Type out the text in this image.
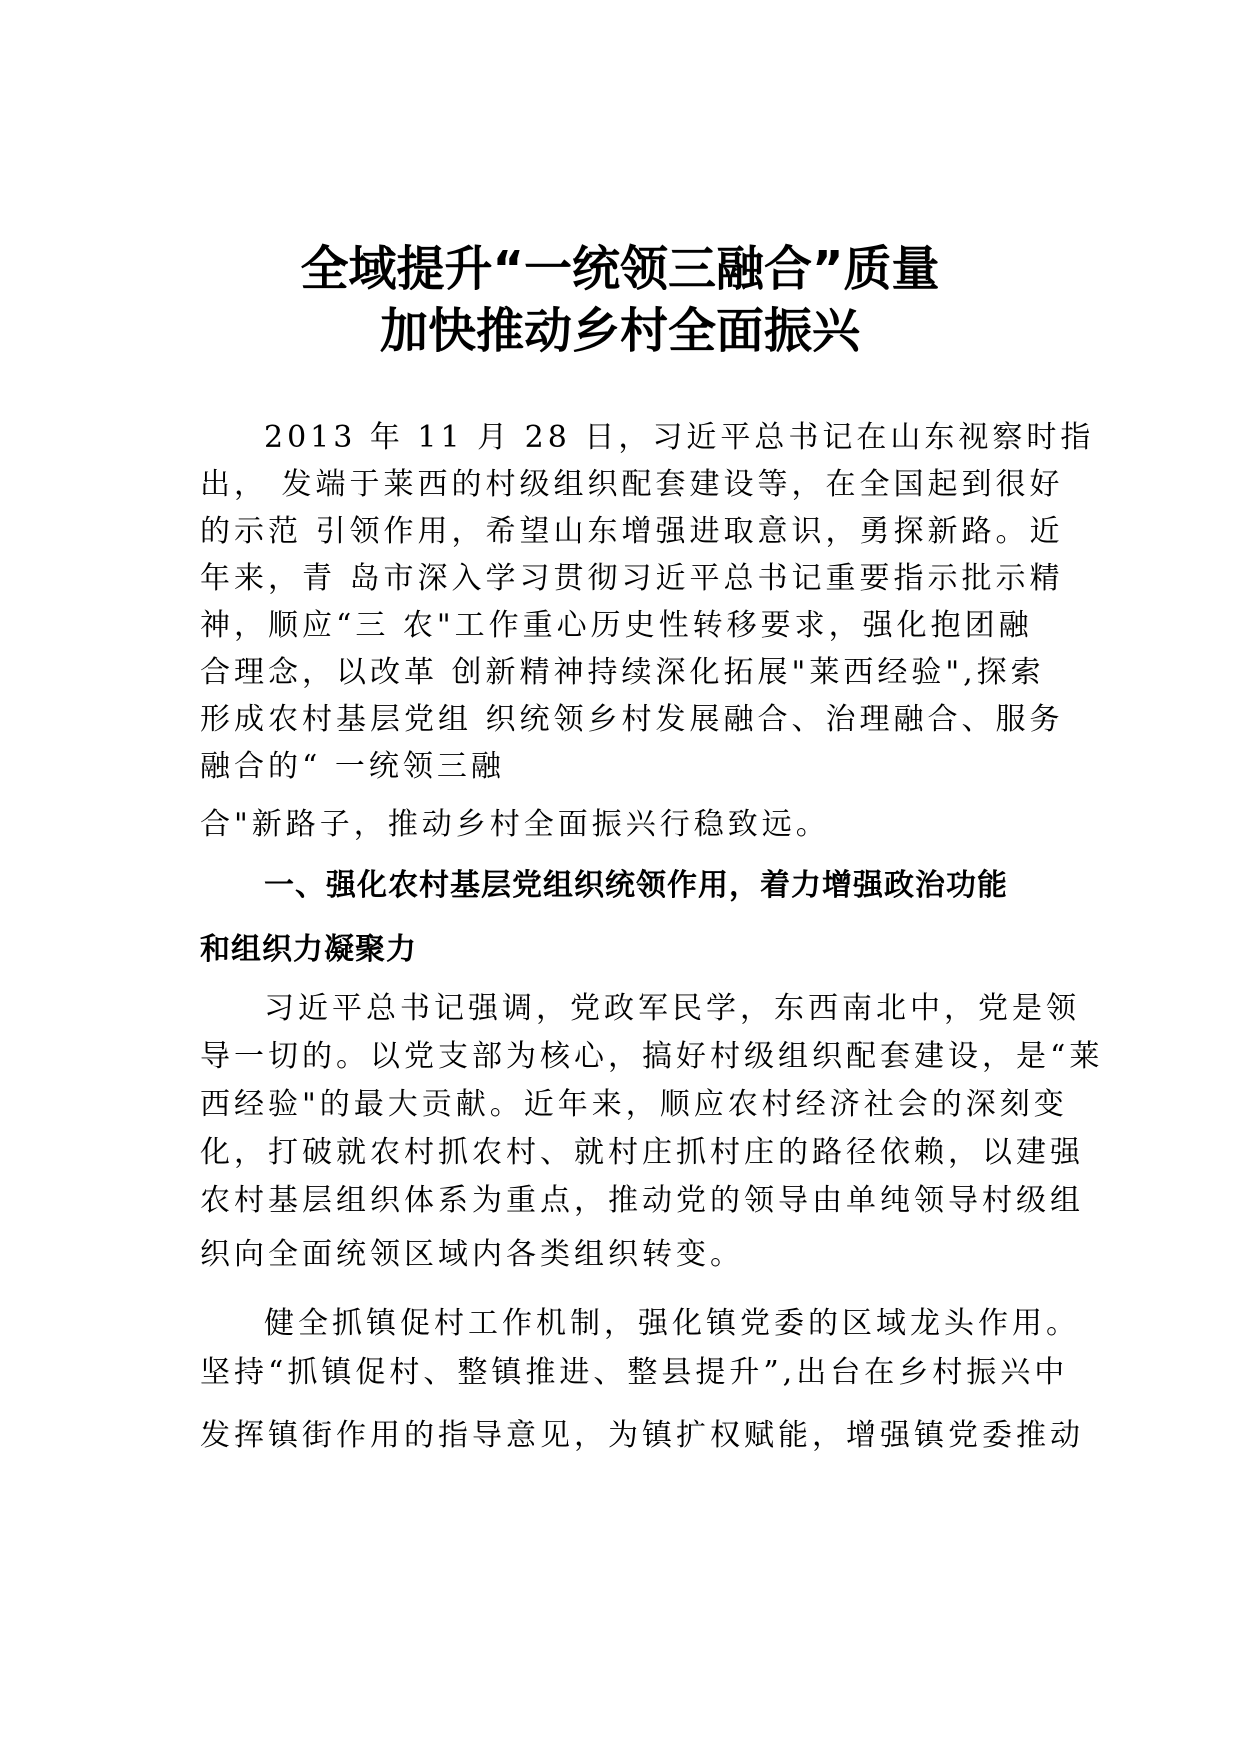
全域提升“一统领三融合”质量
加快推动乡村全面振兴

2013 年 11 月 28 日，习近平总书记在山东视察时指

出， 发端于莱西的村级组织配套建设等，在全国起到很好

的示范 引领作用，希望山东增强进取意识，勇探新路。近

年来，青 岛市深入学习贯彻习近平总书记重要指示批示精

神，顺应“三 农"工作重心历史性转移要求，强化抱团融

合理念，以改革 创新精神持续深化拓展"莱西经验",探索

形成农村基层党组 织统领乡村发展融合、治理融合、服务

融合的“ 一统领三融

合"新路子，推动乡村全面振兴行稳致远。

一、强化农村基层党组织统领作用，着力增强政治功能
和组织力凝聚力

习近平总书记强调，党政军民学，东西南北中，党是领

导一切的。以党支部为核心，搞好村级组织配套建设，是“莱

西经验"的最大贡献。近年来，顺应农村经济社会的深刻变

化，打破就农村抓农村、就村庄抓村庄的路径依赖，以建强

农村基层组织体系为重点，推动党的领导由单纯领导村级组

织向全面统领区域内各类组织转变。

健全抓镇促村工作机制，强化镇党委的区域龙头作用。

坚持“抓镇促村、整镇推进、整县提升”,出台在乡村振兴中

发挥镇街作用的指导意见，为镇扩权赋能，增强镇党委推动
